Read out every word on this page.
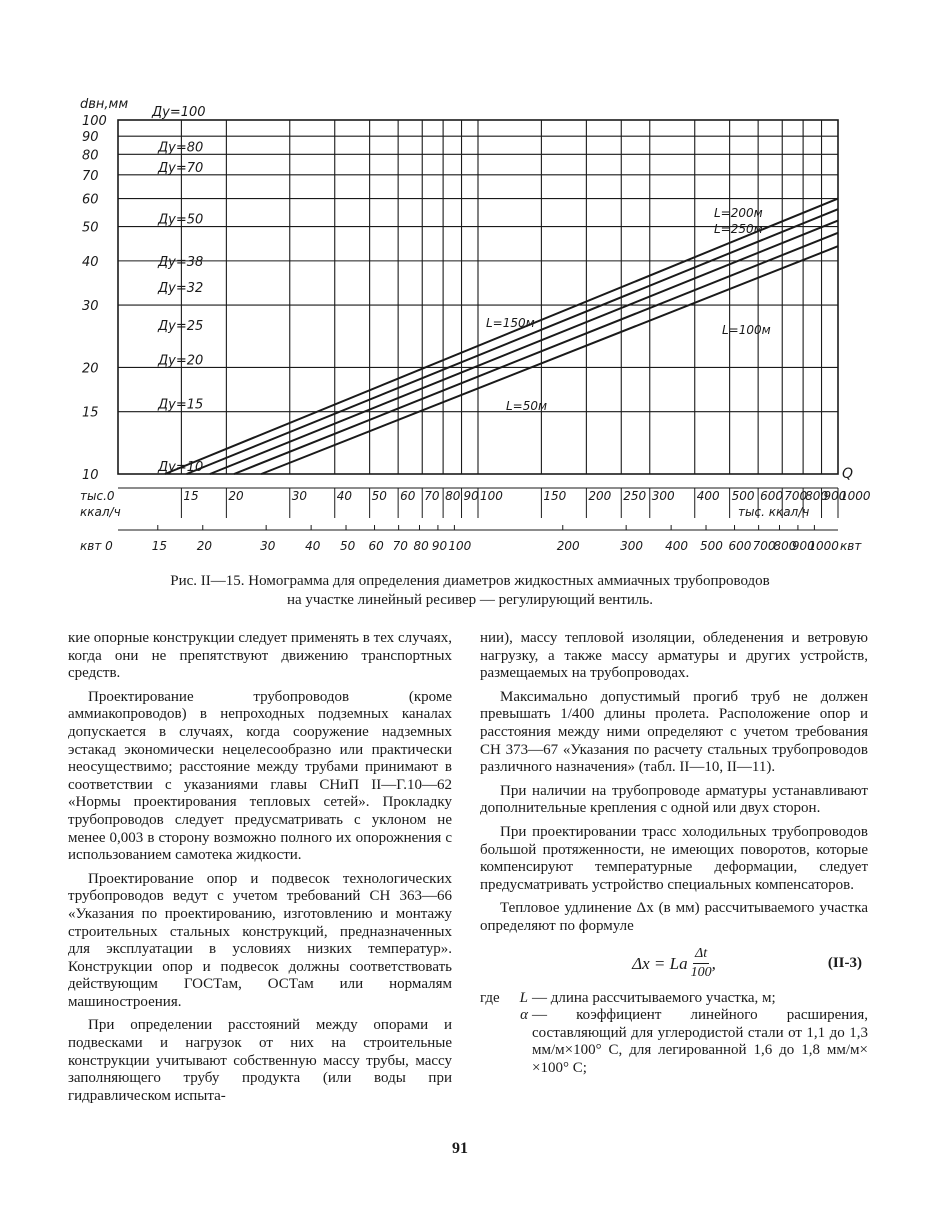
100
90
80
70
60
50
40
30
20
15
10
dвн,мм
Q
Ду=100
Ду=80
Ду=70
Ду=50
Ду=38
Ду=32
Ду=25
Ду=20
Ду=15
Ду=10
L=200м
L=250м
L=150м	L=100м
L=50м
тыс.0
ккал/ч
15 20	30 40 50 60 70 80 90 100	150 200 250 300 400 500 600 700
800
900
1000
тыс. ккал/ч
квт 0	15 20	30 40 50 60 70 80 90 100	200	300 400 500 600 700
800
900
1000 квт
Рис. II—15. Номограмма для определения диаметров жидкостных аммиачных трубопроводов
на участке линейный ресивер — регулирующий вентиль.

кие опорные конструкции следует применять в тех случаях, когда они не препятствуют движению транспортных средств.

Проектирование трубопроводов (кроме аммиакопроводов) в непроходных подземных каналах допускается в случаях, когда сооружение надземных эстакад экономически нецелесообразно или практически неосуществимо; расстояние между трубами принимают в соответствии с указаниями главы СНиП II—Г.10—62 «Нормы проектирования тепловых сетей». Прокладку трубопроводов следует предусматривать с уклоном не менее 0,003 в сторону возможно полного их опорожнения с использованием самотека жидкости.

Проектирование опор и подвесок технологических трубопроводов ведут с учетом требований СН 363—66 «Указания по проектированию, изготовлению и монтажу строительных стальных конструкций, предназначенных для эксплуатации в условиях низких температур». Конструкции опор и подвесок должны соответствовать действующим ГОСТам, ОСТам или нормалям машиностроения.

При определении расстояний между опорами и подвесками и нагрузок от них на строительные конструкции учитывают собственную массу трубы, массу заполняющего трубу продукта (или воды при гидравлическом испыта-

нии), массу тепловой изоляции, обледенения и ветровую нагрузку, а также массу арматуры и других устройств, размещаемых на трубопроводах.

Максимально допустимый прогиб труб не должен превышать 1/400 длины пролета. Расположение опор и расстояния между ними определяют с учетом требования СН 373—67 «Указания по расчету стальных трубопроводов различного назначения» (табл. II—10, II—11).

При наличии на трубопроводе арматуры устанавливают дополнительные крепления с одной или двух сторон.

При проектировании трасс холодильных трубопроводов большой протяженности, не имеющих поворотов, которые компенсируют температурные деформации, следует предусматривать устройство специальных компенсаторов.

Тепловое удлинение Δx (в мм) рассчитываемого участка определяют по формуле

Δx = La $\frac{\Delta t}{100}$ ,	(II-3)
где	L — длина рассчитываемого участка, м;
α — коэффициент линейного расширения, составляющий для углеродистой стали от 1,1 до 1,3 мм/м×100° С, для легированной 1,6 до 1,8 мм/м× ×100° С;
91
